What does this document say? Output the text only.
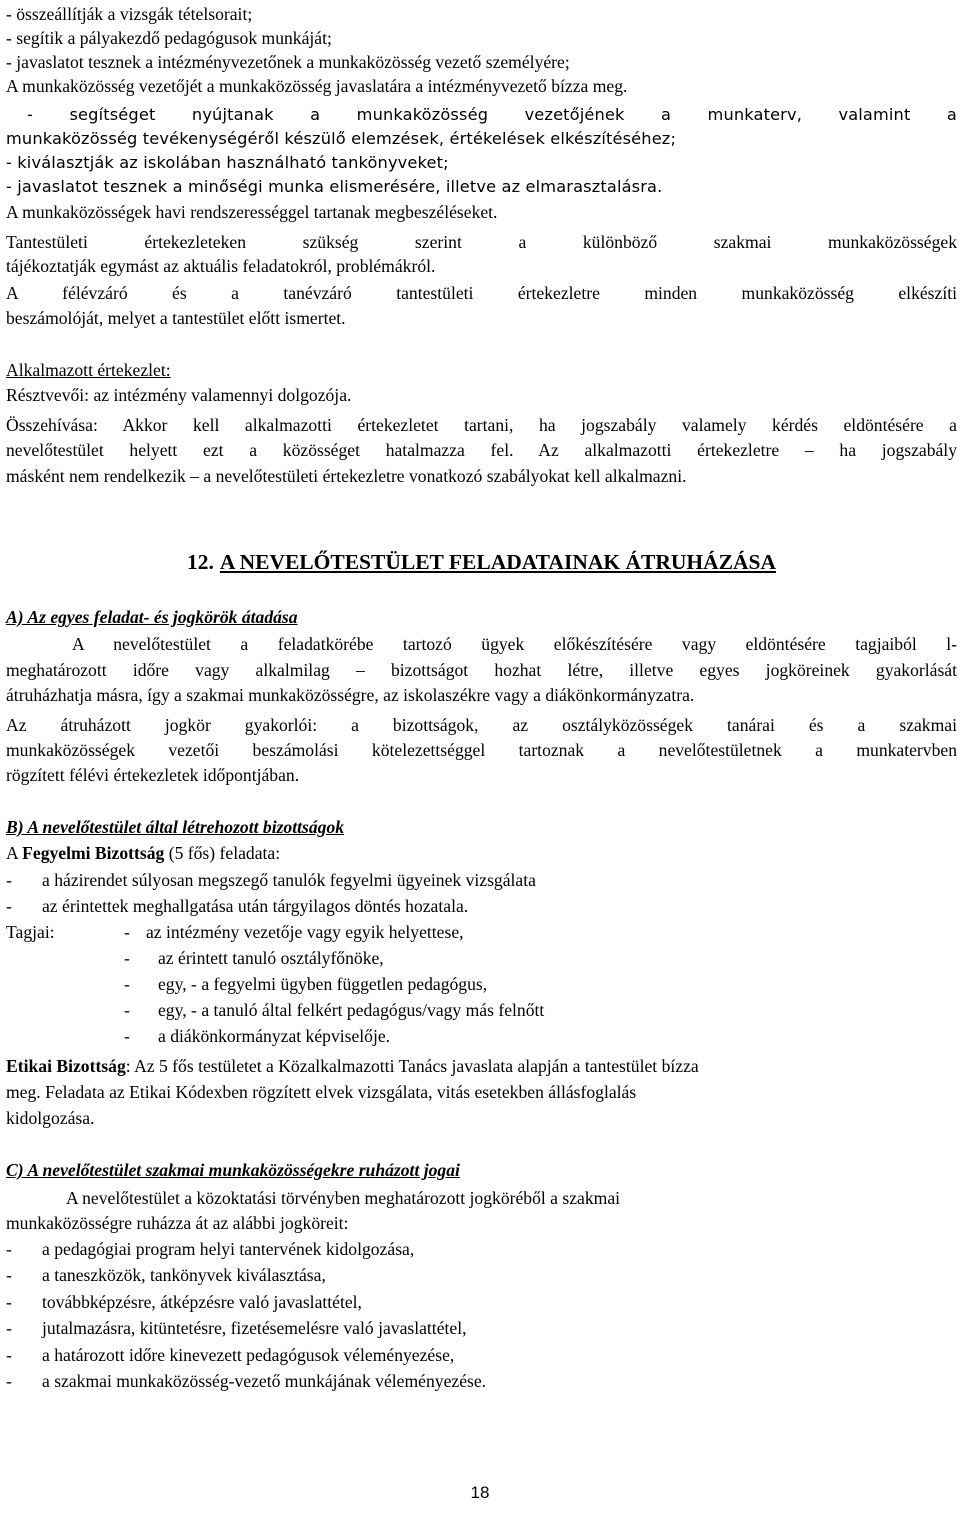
- összeállítják a vizsgák tételsorait;
- segítik a pályakezdő pedagógusok munkáját;
- javaslatot tesznek a intézményvezetőnek a munkaközösség vezető személyére;
A munkaközösség vezetőjét a munkaközösség javaslatára a intézményvezető bízza meg.
- segítséget nyújtanak a munkaközösség vezetőjének a munkaterv, valamint a
munkaközösség tevékenységéről készülő elemzések, értékelések elkészítéséhez;
- kiválasztják az iskolában használható tankönyveket;
- javaslatot tesznek a minőségi munka elismerésére, illetve az elmarasztalásra.
A munkaközösségek havi rendszerességgel tartanak megbeszéléseket.
Tantestületi értekezleteken szükség szerint a különböző szakmai munkaközösségek
tájékoztatják egymást az aktuális feladatokról, problémákról.
A félévzáró és a tanévzáró tantestületi értekezletre minden munkaközösség elkészíti
beszámolóját, melyet a tantestület előtt ismertet.
Alkalmazott értekezlet:
Résztvevői: az intézmény valamennyi dolgozója.
Összehívása: Akkor kell alkalmazotti értekezletet tartani, ha jogszabály valamely kérdés eldöntésére a
nevelőtestület helyett ezt a közösséget hatalmazza fel. Az alkalmazotti értekezletre – ha jogszabály
másként nem rendelkezik – a nevelőtestületi értekezletre vonatkozó szabályokat kell alkalmazni.
12. A NEVELŐTESTÜLET FELADATAINAK ÁTRUHÁZÁSA
A) Az egyes feladat- és jogkörök átadása
A nevelőtestület a feladatkörébe tartozó ügyek előkészítésére vagy eldöntésére tagjaiból l-
meghatározott időre vagy alkalmilag – bizottságot hozhat létre, illetve egyes jogköreinek gyakorlását
átruházhatja másra, így a szakmai munkaközösségre, az iskolaszékre vagy a diákönkormányzatra.
Az átruházott jogkör gyakorlói: a bizottságok, az osztályközösségek tanárai és a szakmai
munkaközösségek vezetői beszámolási kötelezettséggel tartoznak a nevelőtestületnek a munkatervben
rögzített félévi értekezletek időpontjában.
B) A nevelőtestület által létrehozott bizottságok
A Fegyelmi Bizottság (5 fős) feladata:
- a házirendet súlyosan megszegő tanulók fegyelmi ügyeinek vizsgálata
- az érintettek meghallgatása után tárgyilagos döntés hozatala.
Tagjai:	- az intézmény vezetője vagy egyik helyettese,
- az érintett tanuló osztályfőnöke,
- egy, - a fegyelmi ügyben független pedagógus,
- egy, - a tanuló által felkért pedagógus/vagy más felnőtt
- a diákönkormányzat képviselője.
Etikai Bizottság: Az 5 fős testületet a Közalkalmazotti Tanács javaslata alapján a tantestület bízza
meg. Feladata az Etikai Kódexben rögzített elvek vizsgálata, vitás esetekben állásfoglalás
kidolgozása.
C) A nevelőtestület szakmai munkaközösségekre ruházott jogai
A nevelőtestület a közoktatási törvényben meghatározott jogköréből a szakmai
munkaközösségre ruházza át az alábbi jogköreit:
- a pedagógiai program helyi tantervének kidolgozása,
- a taneszközök, tankönyvek kiválasztása,
- továbbképzésre, átképzésre való javaslattétel,
- jutalmazásra, kitüntetésre, fizetésemelésre való javaslattétel,
- a határozott időre kinevezett pedagógusok véleményezése,
- a szakmai munkaközösség-vezető munkájának véleményezése.
18
